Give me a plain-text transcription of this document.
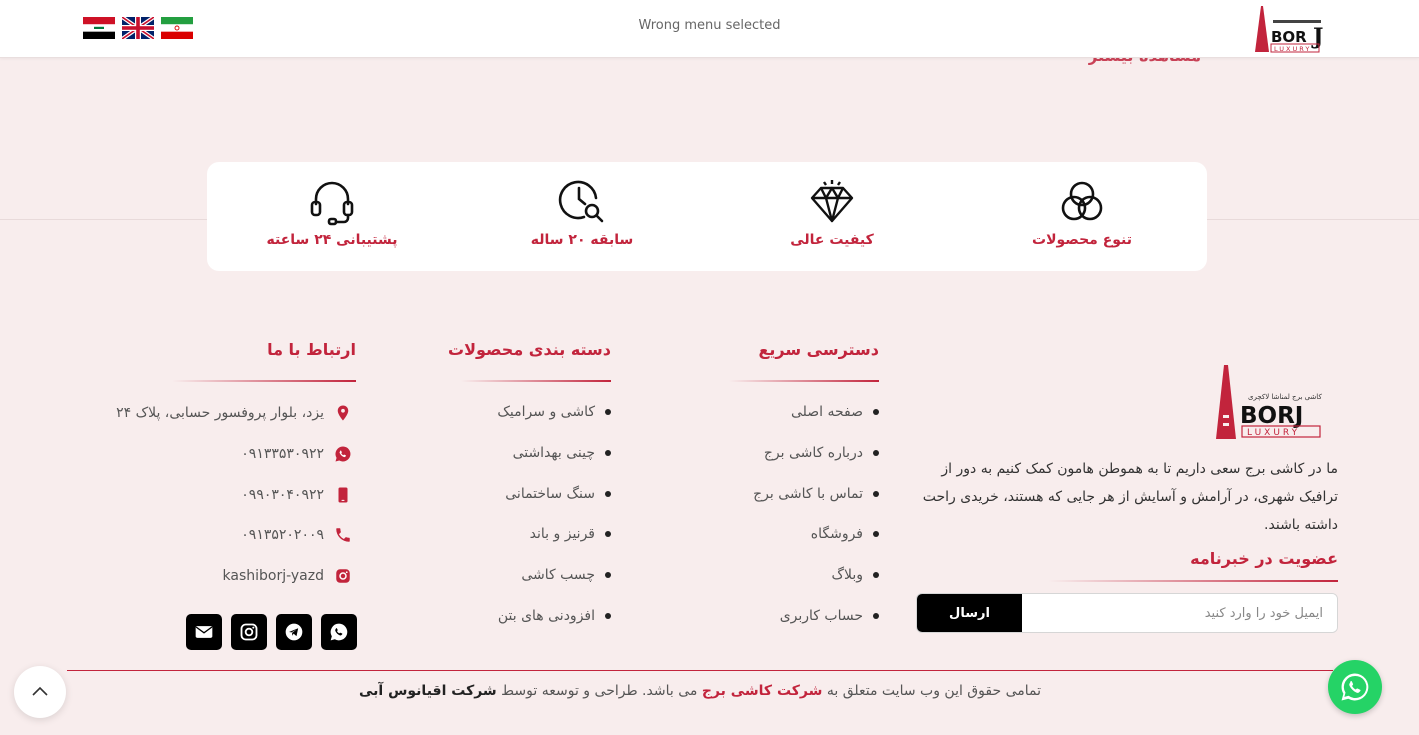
Wrong menu selected
BOR J
LUXURY
تنوع محصولات
کیفیت عالی
سابقه ۲۰ ساله
پشتیبانی ۲۴ ساعته
دسترسی سریع
صفحه اصلی
درباره کاشی برج
تماس با کاشی برج
فروشگاه
وبلاگ
حساب کاربری
دسته بندی محصولات
کاشی و سرامیک
چینی بهداشتی
سنگ ساختمانی
قرنیز و باند
چسب کاشی
افزودنی های بتن
ارتباط با ما
یزد، بلوار پروفسور حسابی، پلاک ۲۴
۰۹۱۳۳۵۳۰۹۲۲
۰۹۹۰۳۰۴۰۹۲۲
۰۹۱۳۵۲۰۲۰۰۹
kashiborj-yazd
کاشی برج لمناشا لاکچری
BORJ
LUXURY
ما در کاشی برج سعی داریم تا به هموطن هامون کمک کنیم به دور از ترافیک شهری، در آرامش و آسایش از هر جایی که هستند، خریدی راحت داشته باشند.
عضویت در خبرنامه
ایمیل خود را وارد کنید
ارسال
تمامی حقوق این وب سایت متعلق به شرکت کاشی برج می باشد. طراحی و توسعه توسط شرکت اقیانوس آبی
